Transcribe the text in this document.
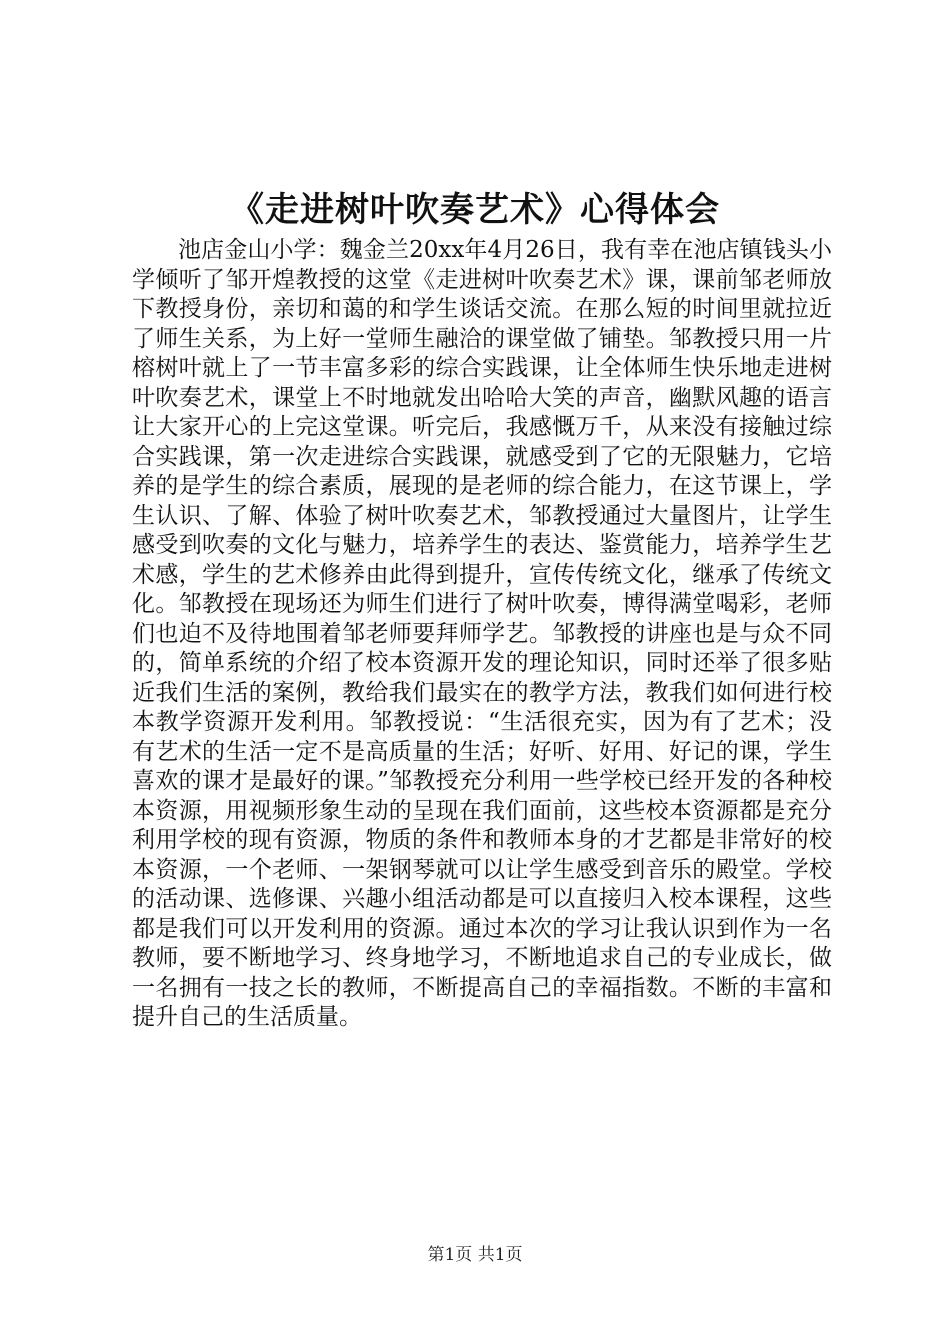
《走进树叶吹奏艺术》心得体会

池店金山小学：魏金兰20xx年4月26日，我有幸在池店镇钱头小学倾听了邹开煌教授的这堂《走进树叶吹奏艺术》课，课前邹老师放下教授身份，亲切和蔼的和学生谈话交流。在那么短的时间里就拉近了师生关系，为上好一堂师生融洽的课堂做了铺垫。邹教授只用一片榕树叶就上了一节丰富多彩的综合实践课，让全体师生快乐地走进树叶吹奏艺术，课堂上不时地就发出哈哈大笑的声音，幽默风趣的语言让大家开心的上完这堂课。听完后，我感慨万千，从来没有接触过综合实践课，第一次走进综合实践课，就感受到了它的无限魅力，它培养的是学生的综合素质，展现的是老师的综合能力，在这节课上，学生认识、了解、体验了树叶吹奏艺术，邹教授通过大量图片，让学生感受到吹奏的文化与魅力，培养学生的表达、鉴赏能力，培养学生艺术感，学生的艺术修养由此得到提升，宣传传统文化，继承了传统文化。邹教授在现场还为师生们进行了树叶吹奏，博得满堂喝彩，老师们也迫不及待地围着邹老师要拜师学艺。邹教授的讲座也是与众不同的，简单系统的介绍了校本资源开发的理论知识，同时还举了很多贴近我们生活的案例，教给我们最实在的教学方法，教我们如何进行校本教学资源开发利用。邹教授说：“生活很充实，因为有了艺术；没有艺术的生活一定不是高质量的生活；好听、好用、好记的课，学生喜欢的课才是最好的课。”邹教授充分利用一些学校已经开发的各种校本资源，用视频形象生动的呈现在我们面前，这些校本资源都是充分利用学校的现有资源，物质的条件和教师本身的才艺都是非常好的校本资源，一个老师、一架钢琴就可以让学生感受到音乐的殿堂。学校的活动课、选修课、兴趣小组活动都是可以直接归入校本课程，这些都是我们可以开发利用的资源。通过本次的学习让我认识到作为一名教师，要不断地学习、终身地学习，不断地追求自己的专业成长，做一名拥有一技之长的教师，不断提高自己的幸福指数。不断的丰富和提升自己的生活质量。

第1页 共1页
